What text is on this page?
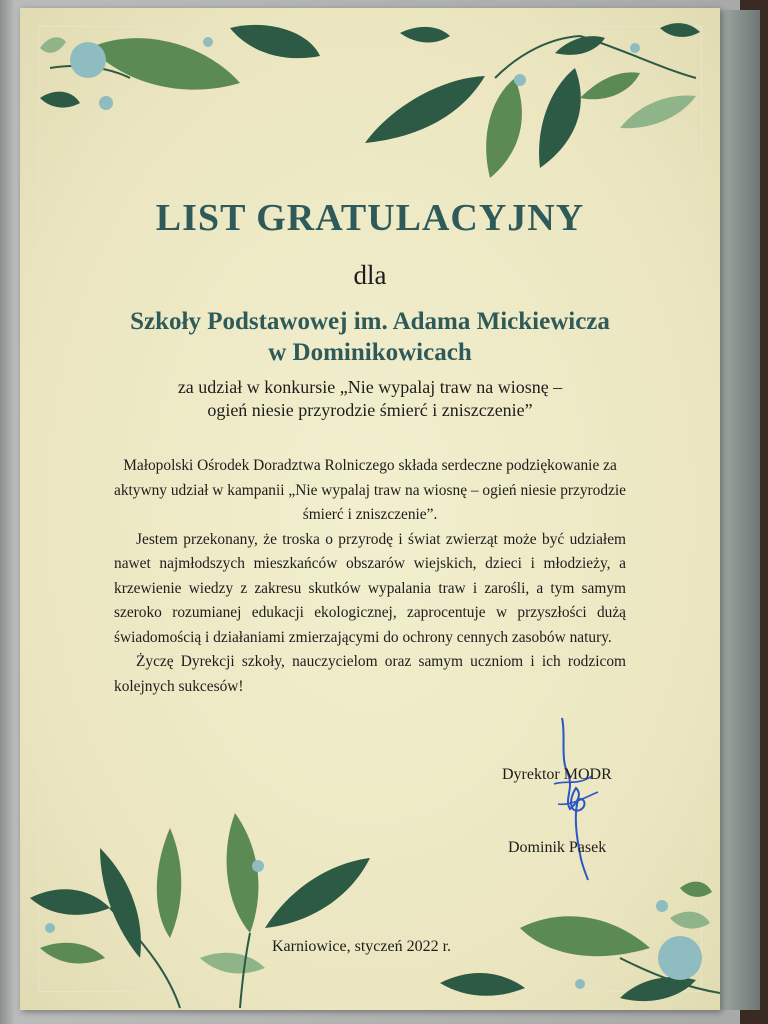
LIST GRATULACYJNY
dla
Szkoły Podstawowej im. Adama Mickiewicza
w Dominikowicach
za udział w konkursie „Nie wypalaj traw na wiosnę –
ogień niesie przyrodzie śmierć i zniszczenie”

Małopolski Ośrodek Doradztwa Rolniczego składa serdeczne podziękowanie za aktywny udział w kampanii „Nie wypalaj traw na wiosnę – ogień niesie przyrodzie śmierć i zniszczenie”.

Jestem przekonany, że troska o przyrodę i świat zwierząt może być udziałem nawet najmłodszych mieszkańców obszarów wiejskich, dzieci i młodzieży, a krzewienie wiedzy z zakresu skutków wypalania traw i zarośli, a tym samym szeroko rozumianej edukacji ekologicznej, zaprocentuje w przyszłości dużą świadomością i działaniami zmierzającymi do ochrony cennych zasobów natury.

Życzę Dyrekcji szkoły, nauczycielom oraz samym uczniom i ich rodzicom kolejnych sukcesów!

Dyrektor MODR
Dominik Pasek
Karniowice, styczeń 2022 r.
